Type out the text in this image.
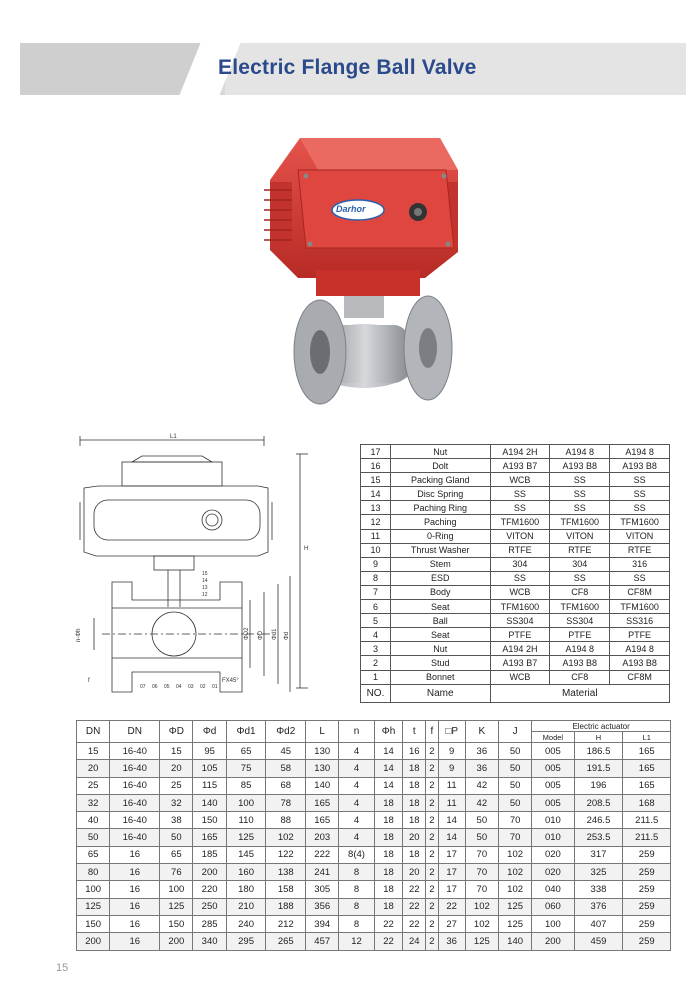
Electric Flange Ball Valve
Darhor
L1
H
n-Φh
f
ΦD2 ΦD Φd1 Φd
FX45°
15
14
13
12
07 06 05 04 03 02 01
17	Nut	A194 2H	A194 8	A194 8
16	Dolt	A193 B7	A193 B8	A193 B8
15	Packing Gland	WCB	SS	SS
14	Disc Spring	SS	SS	SS
13	Paching Ring	SS	SS	SS
12	Paching	TFM1600	TFM1600	TFM1600
11	0-Ring	VITON	VITON	VITON
10	Thrust Washer	RTFE	RTFE	RTFE
9	Stem	304	304	316
8	ESD	SS	SS	SS
7	Body	WCB	CF8	CF8M
6	Seat	TFM1600	TFM1600	TFM1600
5	Ball	SS304	SS304	SS316
4	Seat	PTFE	PTFE	PTFE
3	Nut	A194 2H	A194 8	A194 8
2	Stud	A193 B7	A193 B8	A193 B8
1	Bonnet	WCB	CF8	CF8M
NO.	Name	Material		
DN	DN	ΦD	Φd	Φd1	Φd2	L	n	Φh	t	f	□P	K	J	Electric actuator		
														Model	H	L1
15	16-40	15	95	65	45	130	4	14	16	2	9	36	50	005	186.5	165
20	16-40	20	105	75	58	130	4	14	18	2	9	36	50	005	191.5	165
25	16-40	25	115	85	68	140	4	14	18	2	11	42	50	005	196	165
32	16-40	32	140	100	78	165	4	18	18	2	11	42	50	005	208.5	168
40	16-40	38	150	110	88	165	4	18	18	2	14	50	70	010	246.5	211.5
50	16-40	50	165	125	102	203	4	18	20	2	14	50	70	010	253.5	211.5
65	16	65	185	145	122	222	8(4)	18	18	2	17	70	102	020	317	259
80	16	76	200	160	138	241	8	18	20	2	17	70	102	020	325	259
100	16	100	220	180	158	305	8	18	22	2	17	70	102	040	338	259
125	16	125	250	210	188	356	8	18	22	2	22	102	125	060	376	259
150	16	150	285	240	212	394	8	22	22	2	27	102	125	100	407	259
200	16	200	340	295	265	457	12	22	24	2	36	125	140	200	459	259
15
